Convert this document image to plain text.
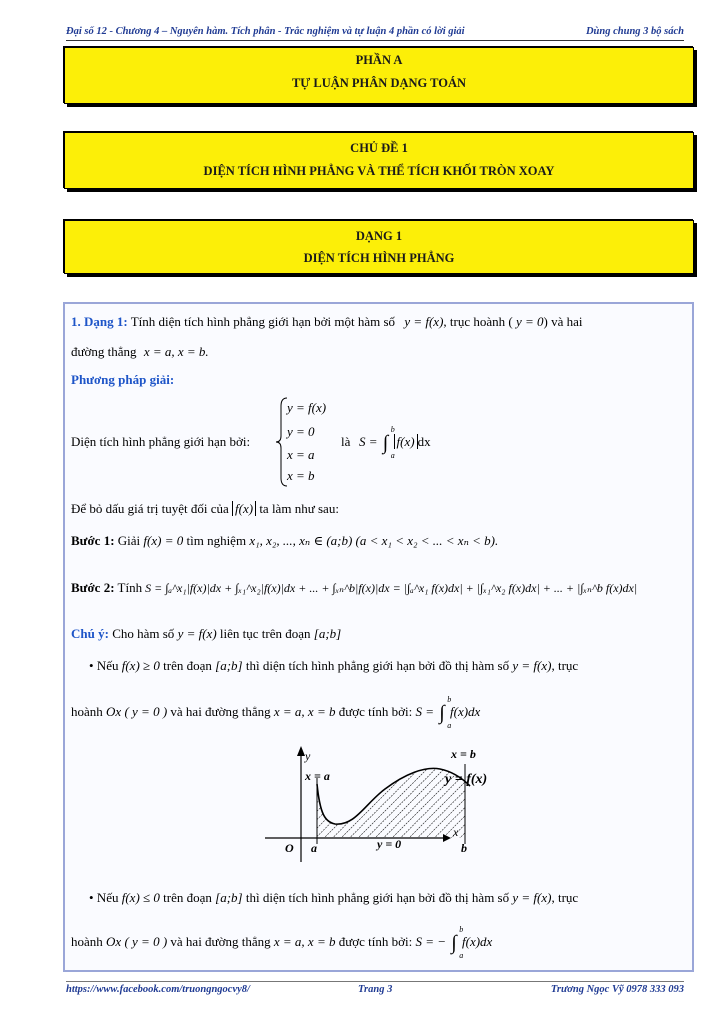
Đại số 12 - Chương 4 – Nguyên hàm. Tích phân - Trắc nghiệm và tự luận 4 phần có lời giải	Dùng chung 3 bộ sách
PHẦN A
TỰ LUẬN PHÂN DẠNG TOÁN
CHỦ ĐỀ 1
DIỆN TÍCH HÌNH PHẲNG VÀ THỂ TÍCH KHỐI TRÒN XOAY
DẠNG 1
DIỆN TÍCH HÌNH PHẲNG
1. Dạng 1: Tính diện tích hình phẳng giới hạn bởi một hàm số y = f(x), trục hoành ( y = 0) và hai
đường thẳng x = a, x = b.
Phương pháp giải:
Diện tích hình phẳng giới hạn bởi:
y = f(x)
y = 0
x = a
x = b
là S = ∫
b
a
f(x) dx
Để bỏ dấu giá trị tuyệt đối của f(x) ta làm như sau:
Bước 1: Giải f(x) = 0 tìm nghiệm x₁, x₂, ..., xₙ ∈ (a;b) (a < x₁ < x₂ < ... < xₙ < b).
Bước 2: Tính S = ∫ₐ^x₁|f(x)|dx + ∫ₓ₁^x₂|f(x)|dx + ... + ∫ₓₙ^b|f(x)|dx = |∫ₐ^x₁ f(x)dx| + |∫ₓ₁^x₂ f(x)dx| + ... + |∫ₓₙ^b f(x)dx|
Chú ý: Cho hàm số y = f(x) liên tục trên đoạn [a;b]
• Nếu f(x) ≥ 0 trên đoạn [a;b] thì diện tích hình phẳng giới hạn bởi đồ thị hàm số y = f(x), trục
hoành Ox ( y = 0 ) và hai đường thẳng x = a, x = b được tính bởi: S = ∫
b
a
f(x)dx
y
x
O a	b
x = a
x = b
y = 0
y = f(x)
• Nếu f(x) ≤ 0 trên đoạn [a;b] thì diện tích hình phẳng giới hạn bởi đồ thị hàm số y = f(x), trục
hoành Ox ( y = 0 ) và hai đường thẳng x = a, x = b được tính bởi: S = − ∫
b
a
f(x)dx
https://www.facebook.com/truongngocvy8/	Trang 3	Trương Ngọc Vỹ 0978 333 093
